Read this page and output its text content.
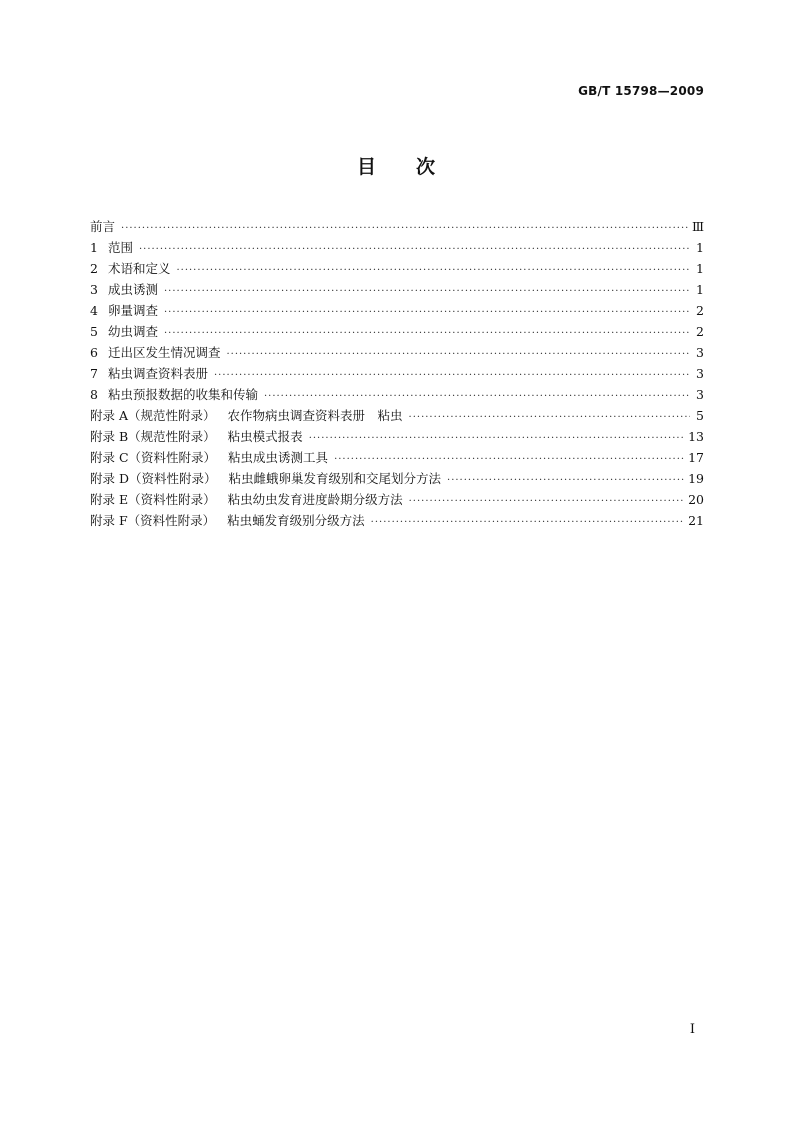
GB/T 15798—2009
目 次
前言 ·····	Ⅲ
1 范围 ·····	1
2 术语和定义 ·····	1
3 成虫诱测 ·····	1
4 卵量调查 ·····	2
5 幼虫调查 ·····	2
6 迁出区发生情况调查 ·····	3
7 粘虫调查资料表册 ·····	3
8 粘虫预报数据的收集和传输 ·····	3
附录 A（规范性附录） 农作物病虫调查资料表册　粘虫 ·····	5
附录 B（规范性附录） 粘虫模式报表 ·····	13
附录 C（资料性附录） 粘虫成虫诱测工具 ·····	17
附录 D（资料性附录） 粘虫雌蛾卵巢发育级别和交尾划分方法 ·····	19
附录 E（资料性附录） 粘虫幼虫发育进度龄期分级方法 ·····	20
附录 F（资料性附录） 粘虫蛹发育级别分级方法 ·····	21
I
